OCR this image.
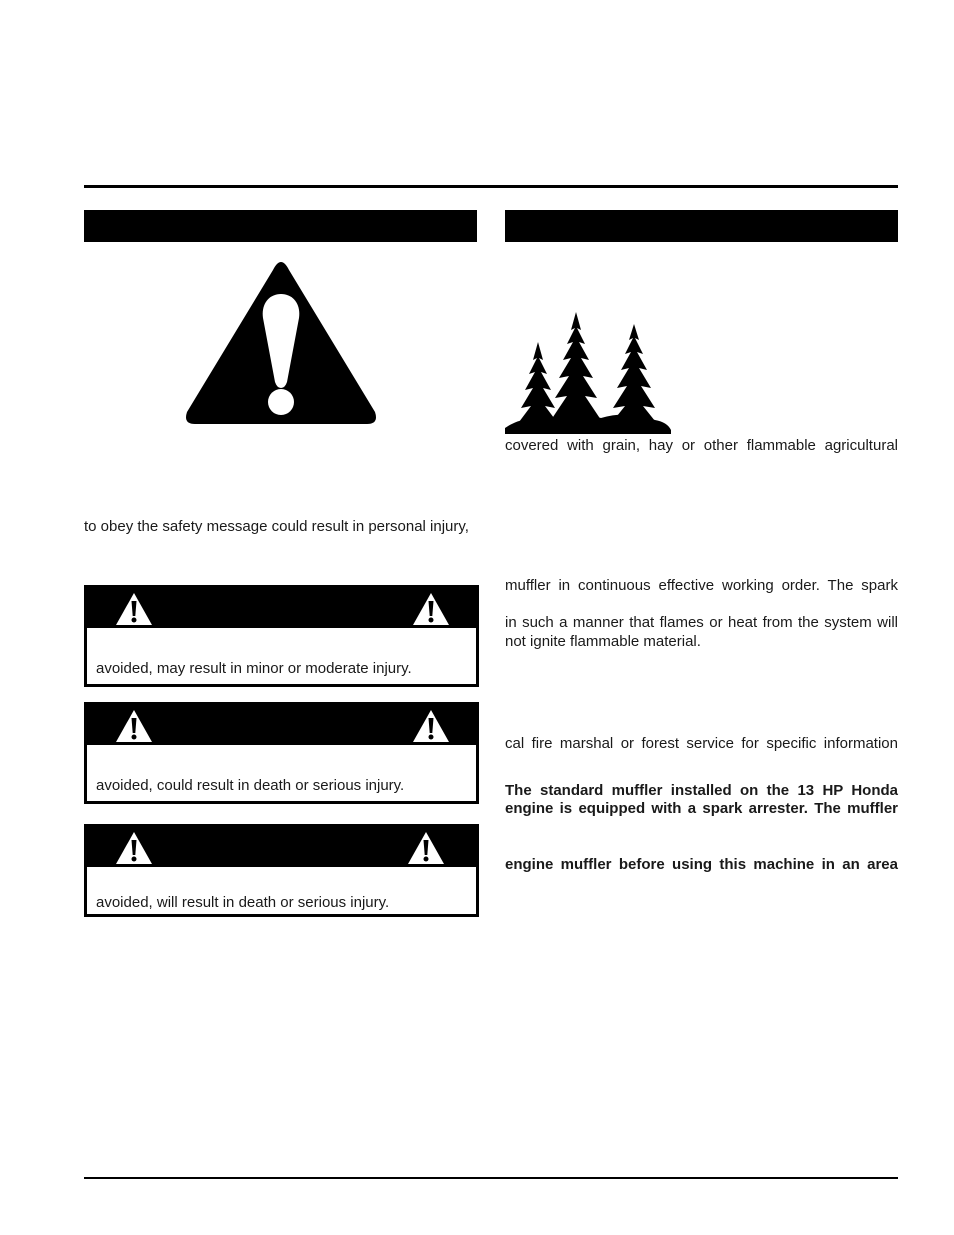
to obey the safety message could result in personal injury,
avoided, may result in minor or moderate injury.
avoided, could result in death or serious injury.
avoided, will result in death or serious injury.
covered with grain, hay or other flammable agricultural
muffler in continuous effective working order. The spark
in such a manner that flames or heat from the system will
not ignite flammable material.
cal fire marshal or forest service for specific information
The standard muffler installed on the 13 HP Honda
engine is equipped with a spark arrester. The muffler
engine muffler before using this machine in an area
